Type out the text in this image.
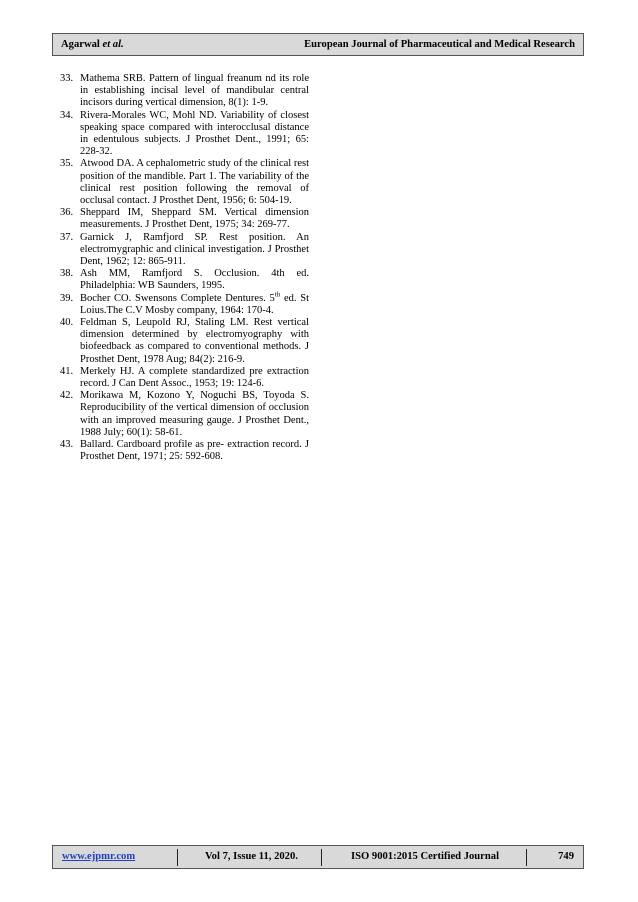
Agarwal et al.	European Journal of Pharmaceutical and Medical Research
33. Mathema SRB. Pattern of lingual freanum nd its role in establishing incisal level of mandibular central incisors during vertical dimension, 8(1): 1-9.
34. Rivera-Morales WC, Mohl ND. Variability of closest speaking space compared with interocclusal distance in edentulous subjects. J Prosthet Dent., 1991; 65: 228-32.
35. Atwood DA. A cephalometric study of the clinical rest position of the mandible. Part 1. The variability of the clinical rest position following the removal of occlusal contact. J Prosthet Dent, 1956; 6: 504-19.
36. Sheppard IM, Sheppard SM. Vertical dimension measurements. J Prosthet Dent, 1975; 34: 269-77.
37. Garnick J, Ramfjord SP. Rest position. An electromygraphic and clinical investigation. J Prosthet Dent, 1962; 12: 865-911.
38. Ash MM, Ramfjord S. Occlusion. 4th ed. Philadelphia: WB Saunders, 1995.
39. Bocher CO. Swensons Complete Dentures. 5th ed. St Loius.The C.V Mosby company, 1964: 170-4.
40. Feldman S, Leupold RJ, Staling LM. Rest vertical dimension determined by electromyography with biofeedback as compared to conventional methods. J Prosthet Dent, 1978 Aug; 84(2): 216-9.
41. Merkely HJ. A complete standardized pre extraction record. J Can Dent Assoc., 1953; 19: 124-6.
42. Morikawa M, Kozono Y, Noguchi BS, Toyoda S. Reproducibility of the vertical dimension of occlusion with an improved measuring gauge. J Prosthet Dent., 1988 July; 60(1): 58-61.
43. Ballard. Cardboard profile as pre- extraction record. J Prosthet Dent, 1971; 25: 592-608.
www.ejpmr.com	Vol 7, Issue 11, 2020.	ISO 9001:2015 Certified Journal	749
